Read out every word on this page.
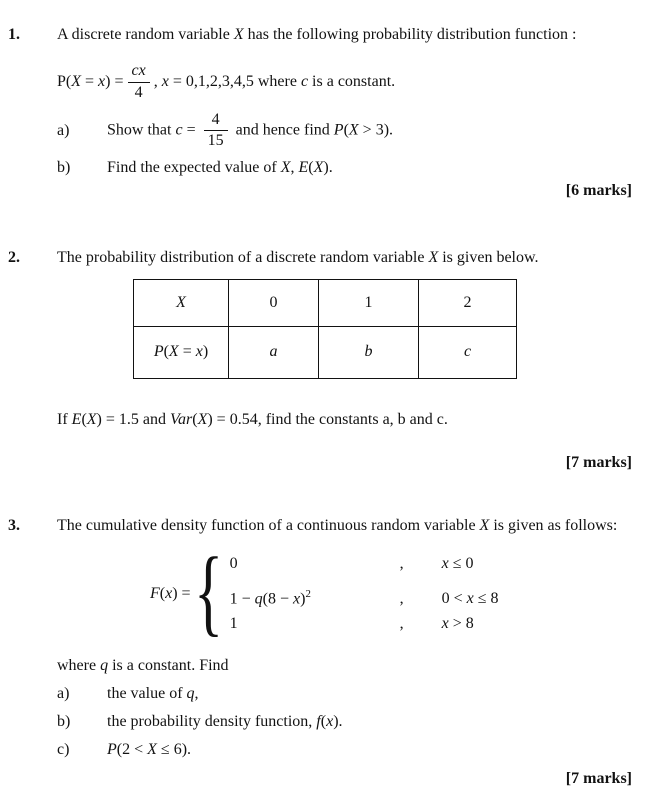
1.	A discrete random variable X has the following probability distribution function :

$P(X = x) = \frac{cx}{4}$ , x = 0,1,2,3,4,5 where c is a constant.
a)	Show that $c = \frac{4}{15}$ and hence find P(X > 3).
b)	Find the expected value of X, E(X).
[6 marks]
2.	The probability distribution of a discrete random variable X is given below.

X	0	1	2
P(X = x)	a	b	c

If E(X) = 1.5 and Var(X) = 0.54, find the constants a, b and c.

[7 marks]
3.	The cumulative density function of a continuous random variable X is given as follows:

F(x) = { 0	,	x ≤ 0
$1 - q(8 - x)^2$	,	0 < x ≤ 8
1	,	x > 8

where q is a constant. Find

a)	the value of q,
b)	the probability density function, f(x).
c)	P(2 < X ≤ 6).
[7 marks]
